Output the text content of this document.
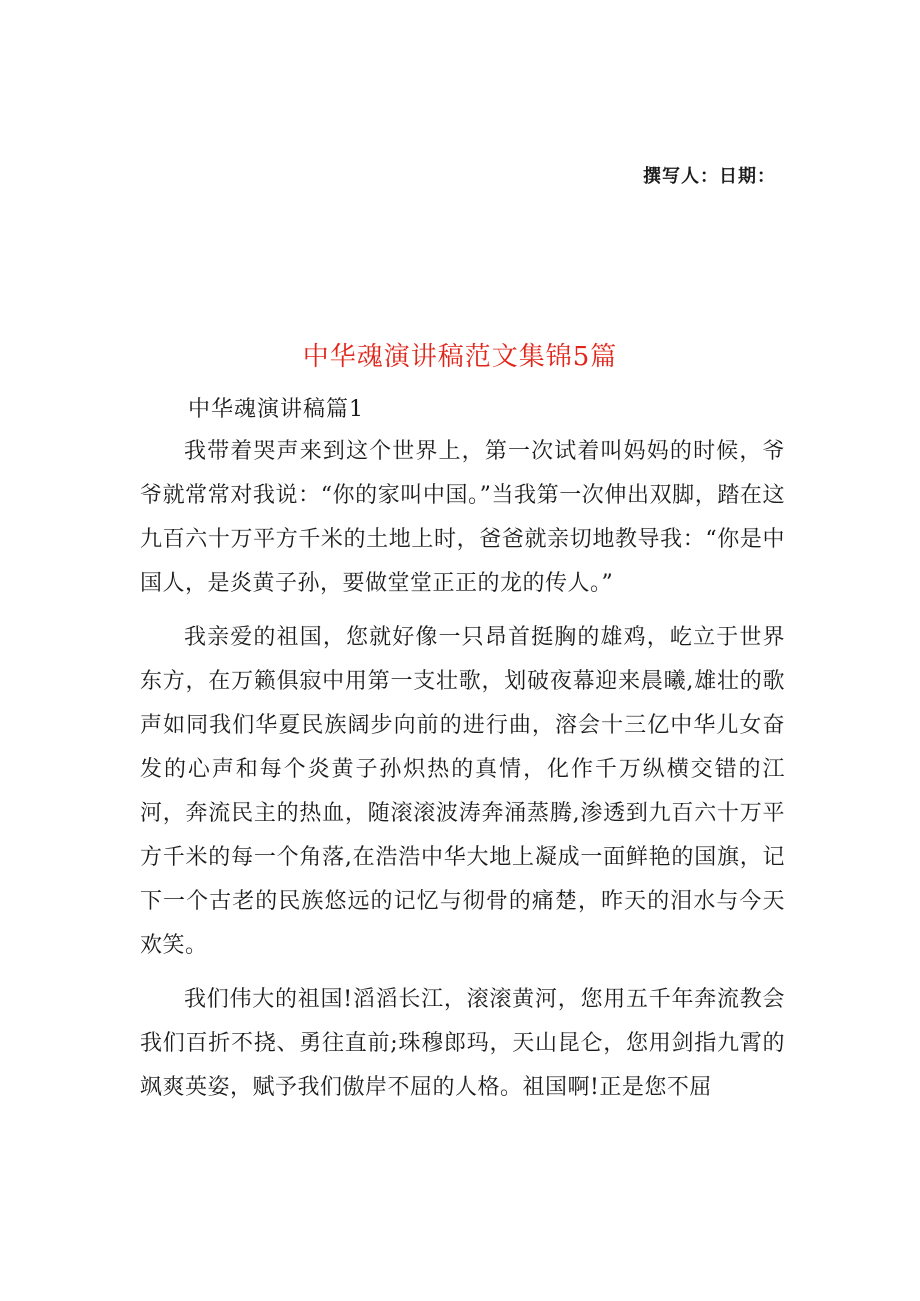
撰写人：日期：
中华魂演讲稿范文集锦5篇
中华魂演讲稿篇1

我带着哭声来到这个世界上，第一次试着叫妈妈的时候，爷爷就常常对我说：“你的家叫中国。”当我第一次伸出双脚，踏在这九百六十万平方千米的土地上时，爸爸就亲切地教导我：“你是中国人，是炎黄子孙，要做堂堂正正的龙的传人。”

我亲爱的祖国，您就好像一只昂首挺胸的雄鸡，屹立于世界东方，在万籁俱寂中用第一支壮歌，划破夜幕迎来晨曦,雄壮的歌声如同我们华夏民族阔步向前的进行曲，溶会十三亿中华儿女奋发的心声和每个炎黄子孙炽热的真情，化作千万纵横交错的江河，奔流民主的热血，随滚滚波涛奔涌蒸腾,渗透到九百六十万平方千米的每一个角落,在浩浩中华大地上凝成一面鲜艳的国旗，记下一个古老的民族悠远的记忆与彻骨的痛楚，昨天的泪水与今天欢笑。

我们伟大的祖国!滔滔长江，滚滚黄河，您用五千年奔流教会我们百折不挠、勇往直前;珠穆郎玛，天山昆仑，您用剑指九霄的飒爽英姿，赋予我们傲岸不屈的人格。祖国啊!正是您不屈
